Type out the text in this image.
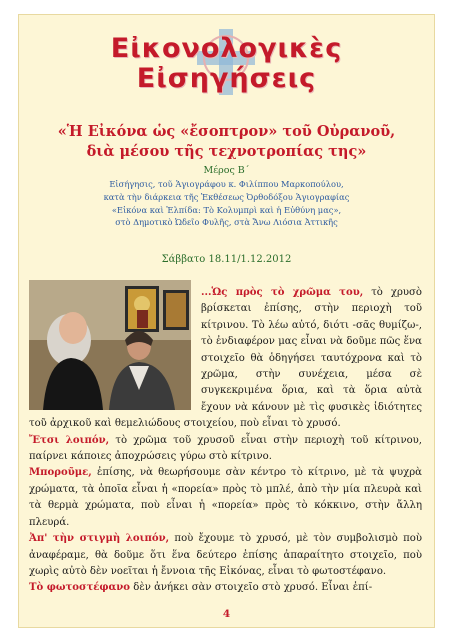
Εἰκονολογικὲς
Εἰσηγήσεις
«Ἡ Εἰκόνα ὡς «ἔσοπτρον» τοῦ Οὐρανοῦ,
διὰ μέσου τῆς τεχνοτροπίας της»
Μέρος Β΄
Εἰσήγησις, τοῦ Ἁγιογράφου κ. Φιλίππου Μαρκοπούλου,
κατὰ τὴν διάρκεια τῆς Ἐκθέσεως Ὀρθοδόξου Ἁγιογραφίας
«Εἰκόνα καὶ Ἐλπίδα: Τὸ Κολυμπρὶ καὶ ἡ Εὐθύνη μας»,
στὸ Δημοτικὸ Ὠδεῖο Φυλῆς, στὰ Ἄνω Λιόσια Ἀττικῆς
Σάββατο 18.11/1.12.2012

...Ὡς πρὸς τὸ χρῶμα του, τὸ χρυσὸ βρίσκεται ἐπίσης, στὴν περιοχὴ τοῦ κίτρινου. Τὸ λέω αὐτό, διότι -σᾶς θυμίζω-, τὸ ἐνδιαφέρον μας εἶναι νὰ δοῦμε πῶς ἕνα στοιχεῖο θὰ ὁδηγήσει ταυτόχρονα καὶ τὸ χρῶμα, στὴν συνέχεια, μέσα σὲ συγκεκριμένα ὅρια, καὶ τὰ ὅρια αὐτὰ ἔχουν νὰ κάνουν μὲ τὶς φυσικὲς ἰδιότητες τοῦ ἀρχικοῦ καὶ θεμελιώδους στοιχείου, ποὺ εἶναι τὸ χρυσό.

Ἔτσι λοιπόν, τὸ χρῶμα τοῦ χρυσοῦ εἶναι στὴν περιοχὴ τοῦ κίτρινου, παίρνει κάποιες ἀποχρώσεις γύρω στὸ κίτρινο.

Μποροῦμε, ἐπίσης, νὰ θεωρήσουμε σὰν κέντρο τὸ κίτρινο, μὲ τὰ ψυχρὰ χρώματα, τὰ ὁποῖα εἶναι ἡ «πορεία» πρὸς τὸ μπλέ, ἀπὸ τὴν μία πλευρὰ καὶ τὰ θερμὰ χρώματα, ποὺ εἶναι ἡ «πορεία» πρὸς τὸ κόκκινο, στὴν ἄλλη πλευρά.

Ἀπ' τὴν στιγμὴ λοιπόν, ποὺ ἔχουμε τὸ χρυσό, μὲ τὸν συμβολισμὸ ποὺ ἀναφέραμε, θὰ δοῦμε ὅτι ἕνα δεύτερο ἐπίσης ἀπαραίτητο στοιχεῖο, ποὺ χωρὶς αὐτὸ δὲν νοεῖται ἡ ἔννοια τῆς Εἰκόνας, εἶναι τὸ φωτοστέφανο.

Τὸ φωτοστέφανο δὲν ἀνήκει σὰν στοιχεῖο στὸ χρυσό. Εἶναι ἐπί-

4
